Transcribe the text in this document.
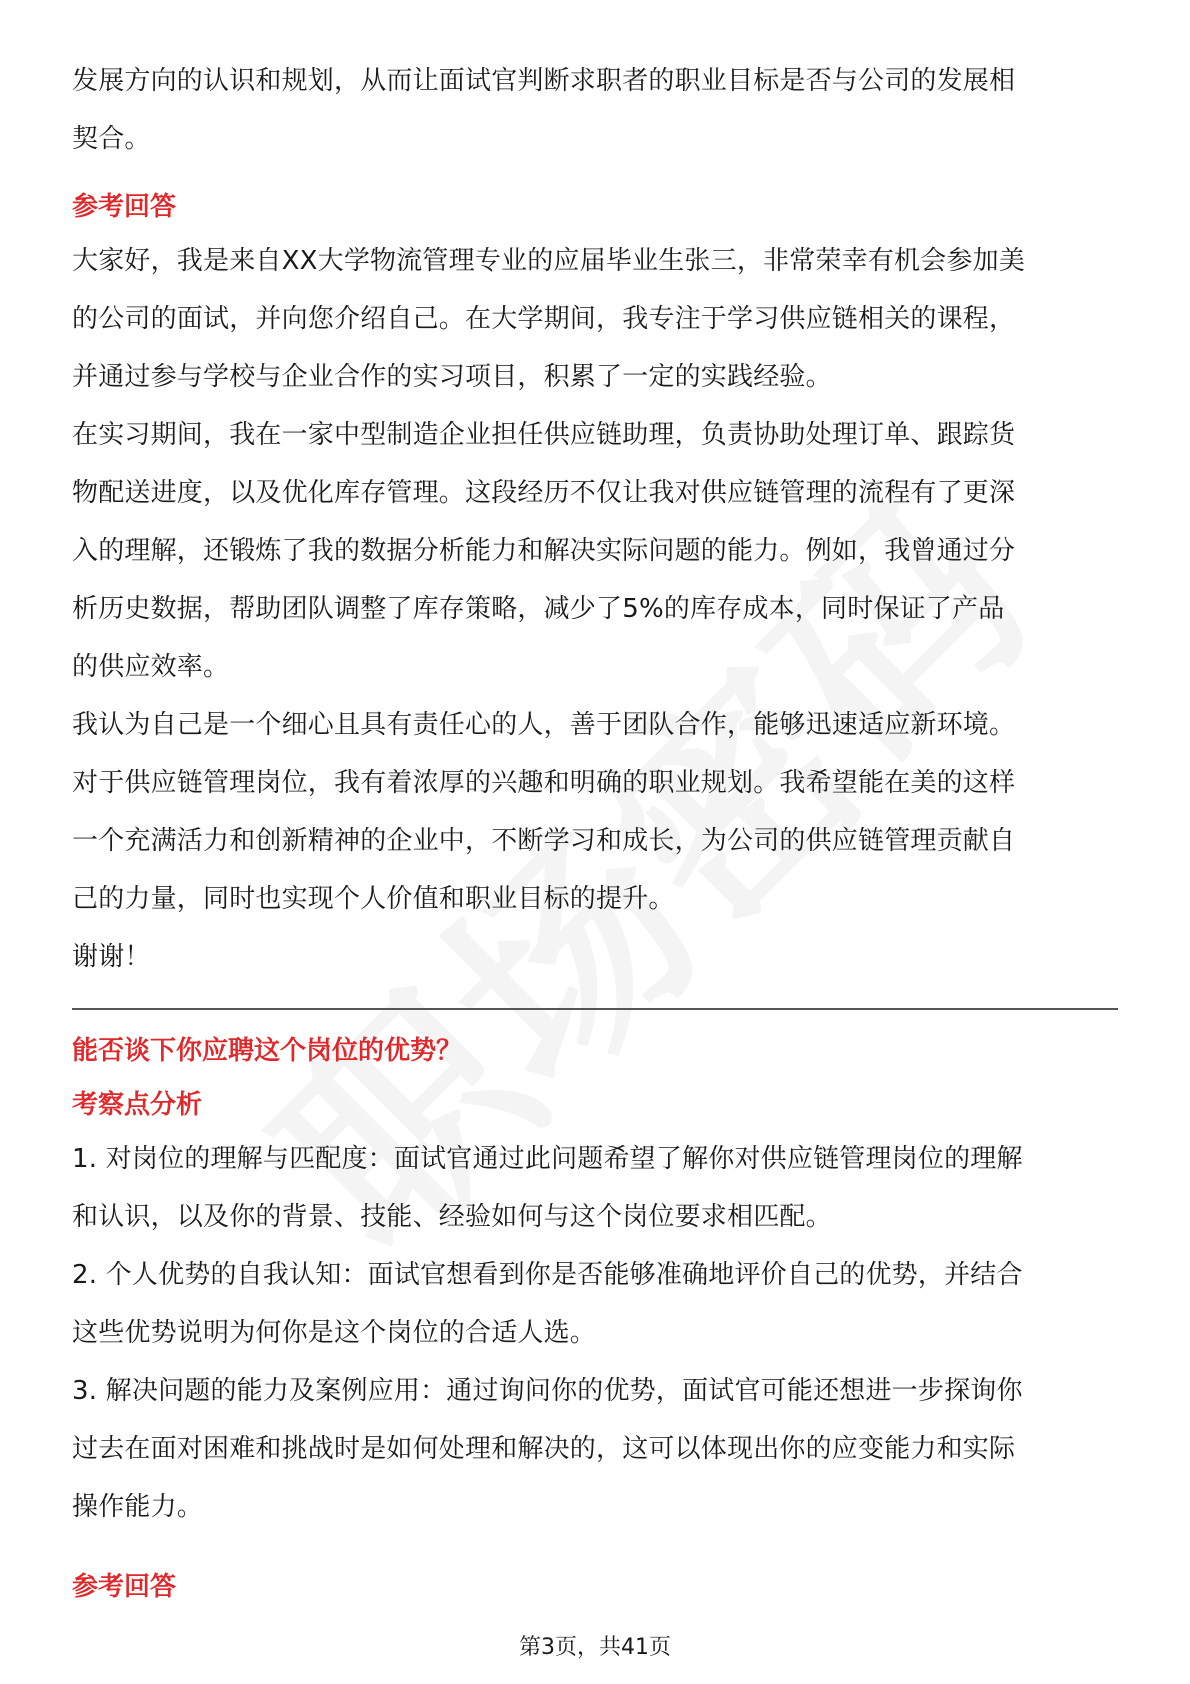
发展方向的认识和规划，从而让面试官判断求职者的职业目标是否与公司的发展相

契合。

参考回答

大家好，我是来自XX大学物流管理专业的应届毕业生张三，非常荣幸有机会参加美

的公司的面试，并向您介绍自己。在大学期间，我专注于学习供应链相关的课程，

并通过参与学校与企业合作的实习项目，积累了一定的实践经验。

在实习期间，我在一家中型制造企业担任供应链助理，负责协助处理订单、跟踪货

物配送进度，以及优化库存管理。这段经历不仅让我对供应链管理的流程有了更深

入的理解，还锻炼了我的数据分析能力和解决实际问题的能力。例如，我曾通过分

析历史数据，帮助团队调整了库存策略，减少了5%的库存成本，同时保证了产品

的供应效率。

我认为自己是一个细心且具有责任心的人，善于团队合作，能够迅速适应新环境。

对于供应链管理岗位，我有着浓厚的兴趣和明确的职业规划。我希望能在美的这样

一个充满活力和创新精神的企业中，不断学习和成长，为公司的供应链管理贡献自

己的力量，同时也实现个人价值和职业目标的提升。

谢谢！

能否谈下你应聘这个岗位的优势？

考察点分析

1. 对岗位的理解与匹配度：面试官通过此问题希望了解你对供应链管理岗位的理解

和认识，以及你的背景、技能、经验如何与这个岗位要求相匹配。

2. 个人优势的自我认知：面试官想看到你是否能够准确地评价自己的优势，并结合

这些优势说明为何你是这个岗位的合适人选。

3. 解决问题的能力及案例应用：通过询问你的优势，面试官可能还想进一步探询你

过去在面对困难和挑战时是如何处理和解决的，这可以体现出你的应变能力和实际

操作能力。

参考回答

第3页，共41页
